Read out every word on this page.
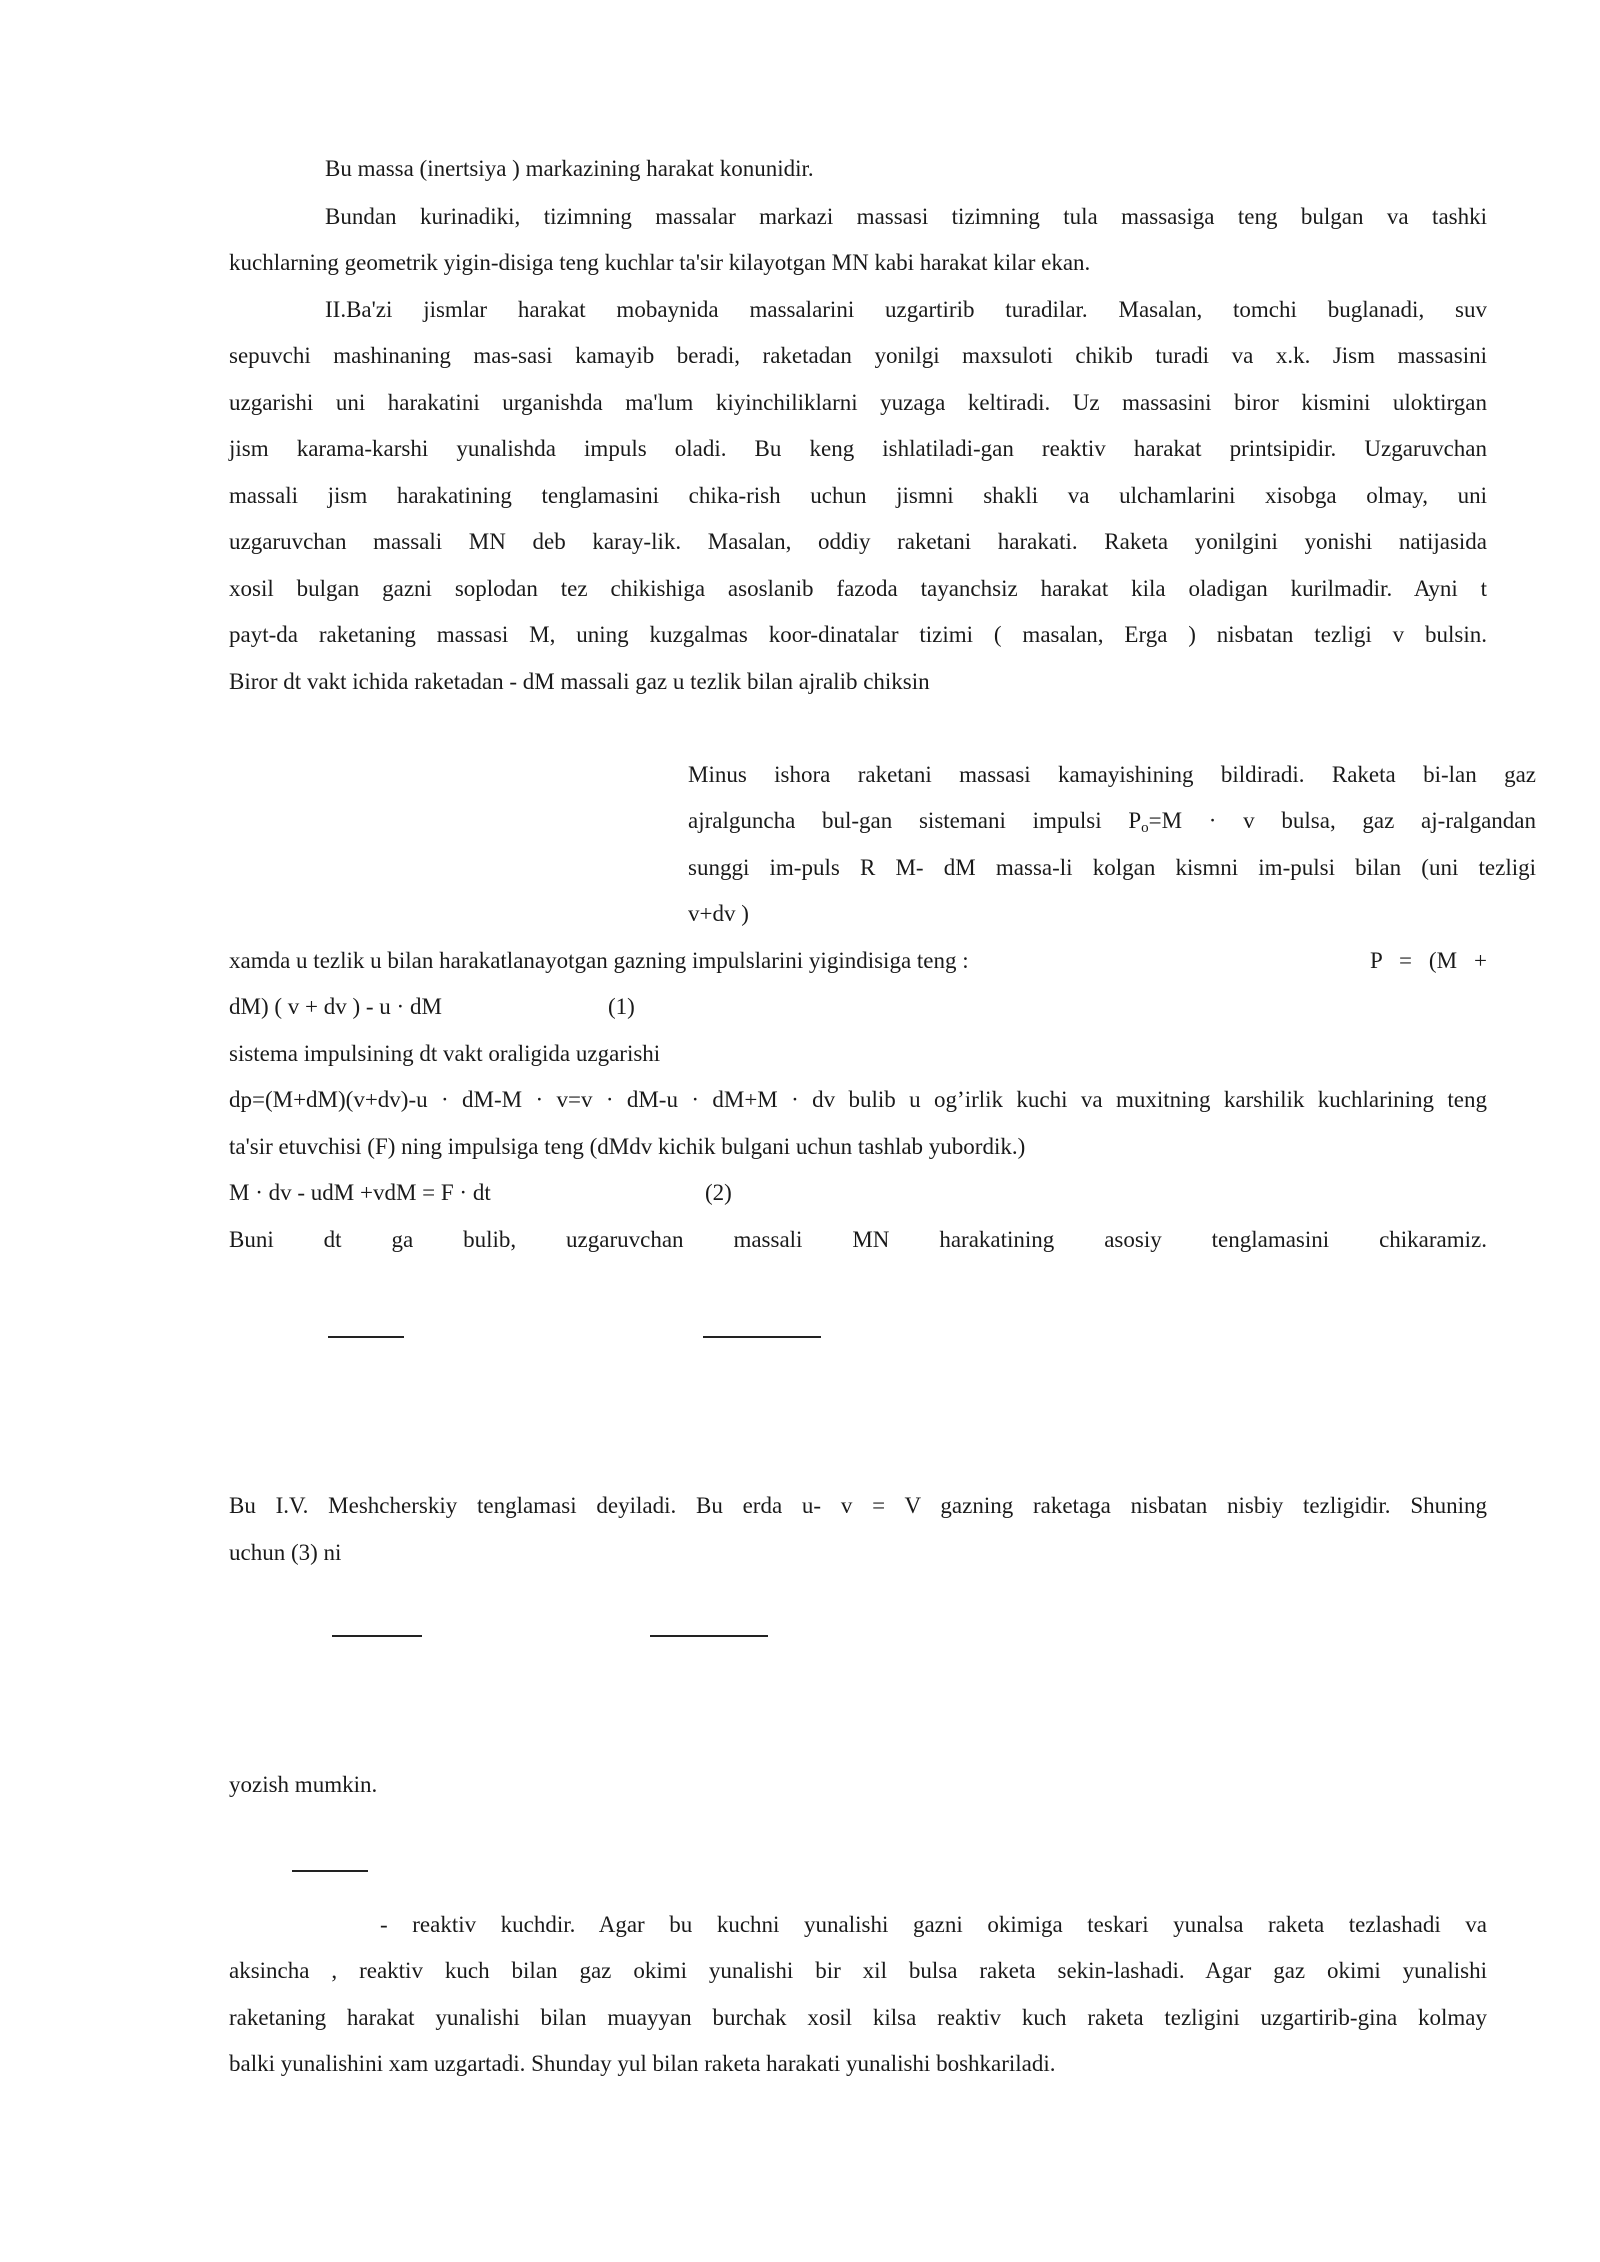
Bu massa (inertsiya ) markazining harakat konunidir.
Bundan kurinadiki, tizimning massalar markazi massasi tizimning tula massasiga teng bulgan va tashki
kuchlarning geometrik yigin-disiga teng kuchlar ta'sir kilayotgan MN kabi harakat kilar ekan.
II.Ba'zi jismlar harakat mobaynida massalarini uzgartirib turadilar. Masalan, tomchi buglanadi, suv
sepuvchi mashinaning mas-sasi kamayib beradi, raketadan yonilgi maxsuloti chikib turadi va x.k. Jism massasini
uzgarishi uni harakatini urganishda ma'lum kiyinchiliklarni yuzaga keltiradi. Uz massasini biror kismini uloktirgan
jism karama-karshi yunalishda impuls oladi. Bu keng ishlatiladi-gan reaktiv harakat printsipidir. Uzgaruvchan
massali jism harakatining tenglamasini chika-rish uchun jismni shakli va ulchamlarini xisobga olmay, uni
uzgaruvchan massali MN deb karay-lik. Masalan, oddiy raketani harakati. Raketa yonilgini yonishi natijasida
xosil bulgan gazni soplodan tez chikishiga asoslanib fazoda tayanchsiz harakat kila oladigan kurilmadir. Ayni t
payt-da raketaning massasi M, uning kuzgalmas koor-dinatalar tizimi ( masalan, Erga ) nisbatan tezligi v bulsin.
Biror dt vakt ichida raketadan - dM massali gaz u tezlik bilan ajralib chiksin
Minus ishora raketani massasi kamayishining bildiradi. Raketa bi-lan gaz
ajralguncha bul-gan sistemani impulsi $P_o=M \cdot v$ bulsa, gaz aj-ralgandan
sunggi im-puls R M- dM massa-li kolgan kismni im-pulsi bilan (uni tezligi
v+dv )
xamda u tezlik u bilan harakatlanayotgan gazning impulslarini yigindisiga teng :	P = (M +
dM) ( v + dv ) - u · dM	(1)
sistema impulsining dt vakt oraligida uzgarishi
dp=(M+dM)(v+dv)-u · dM-M · v=v · dM-u · dM+M · dv bulib u og’irlik kuchi va muxitning karshilik kuchlarining teng
ta'sir etuvchisi (F) ning impulsiga teng (dMdv kichik bulgani uchun tashlab yubordik.)
M · dv - udM +vdM = F · dt	(2)
Buni dt ga bulib, uzgaruvchan massali MN harakatining asosiy tenglamasini chikaramiz.
Bu I.V. Meshcherskiy tenglamasi deyiladi. Bu erda u- v = V gazning raketaga nisbatan nisbiy tezligidir. Shuning
uchun (3) ni
yozish mumkin.
- reaktiv kuchdir. Agar bu kuchni yunalishi gazni okimiga teskari yunalsa raketa tezlashadi va
aksincha , reaktiv kuch bilan gaz okimi yunalishi bir xil bulsa raketa sekin-lashadi. Agar gaz okimi yunalishi
raketaning harakat yunalishi bilan muayyan burchak xosil kilsa reaktiv kuch raketa tezligini uzgartirib-gina kolmay
balki yunalishini xam uzgartadi. Shunday yul bilan raketa harakati yunalishi boshkariladi.
